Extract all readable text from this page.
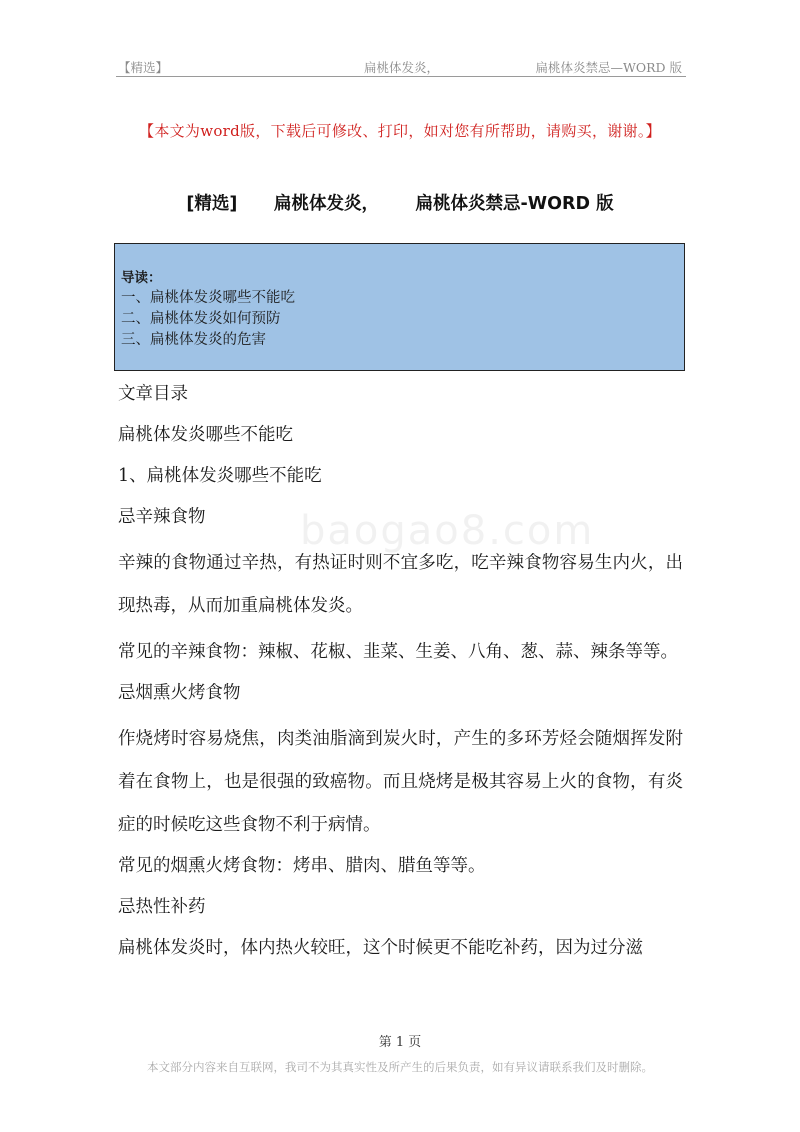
【精选】	扁桃体发炎，	扁桃体炎禁忌—WORD 版
【本文为word版，下载后可修改、打印，如对您有所帮助，请购买，谢谢。】
[精选]      扁桃体发炎，      扁桃体炎禁忌-WORD 版
导读：
一、扁桃体发炎哪些不能吃
二、扁桃体发炎如何预防
三、扁桃体发炎的危害
baogao8.com
文章目录
扁桃体发炎哪些不能吃
1、扁桃体发炎哪些不能吃
忌辛辣食物
辛辣的食物通过辛热，有热证时则不宜多吃，吃辛辣食物容易生内火，出现热毒，从而加重扁桃体发炎。
常见的辛辣食物：辣椒、花椒、韭菜、生姜、八角、葱、蒜、辣条等等。
忌烟熏火烤食物
作烧烤时容易烧焦，肉类油脂滴到炭火时，产生的多环芳烃会随烟挥发附着在食物上，也是很强的致癌物。而且烧烤是极其容易上火的食物，有炎症的时候吃这些食物不利于病情。
常见的烟熏火烤食物：烤串、腊肉、腊鱼等等。
忌热性补药
扁桃体发炎时，体内热火较旺，这个时候更不能吃补药，因为过分滋
第 1 页
本文部分内容来自互联网，我司不为其真实性及所产生的后果负责，如有异议请联系我们及时删除。
